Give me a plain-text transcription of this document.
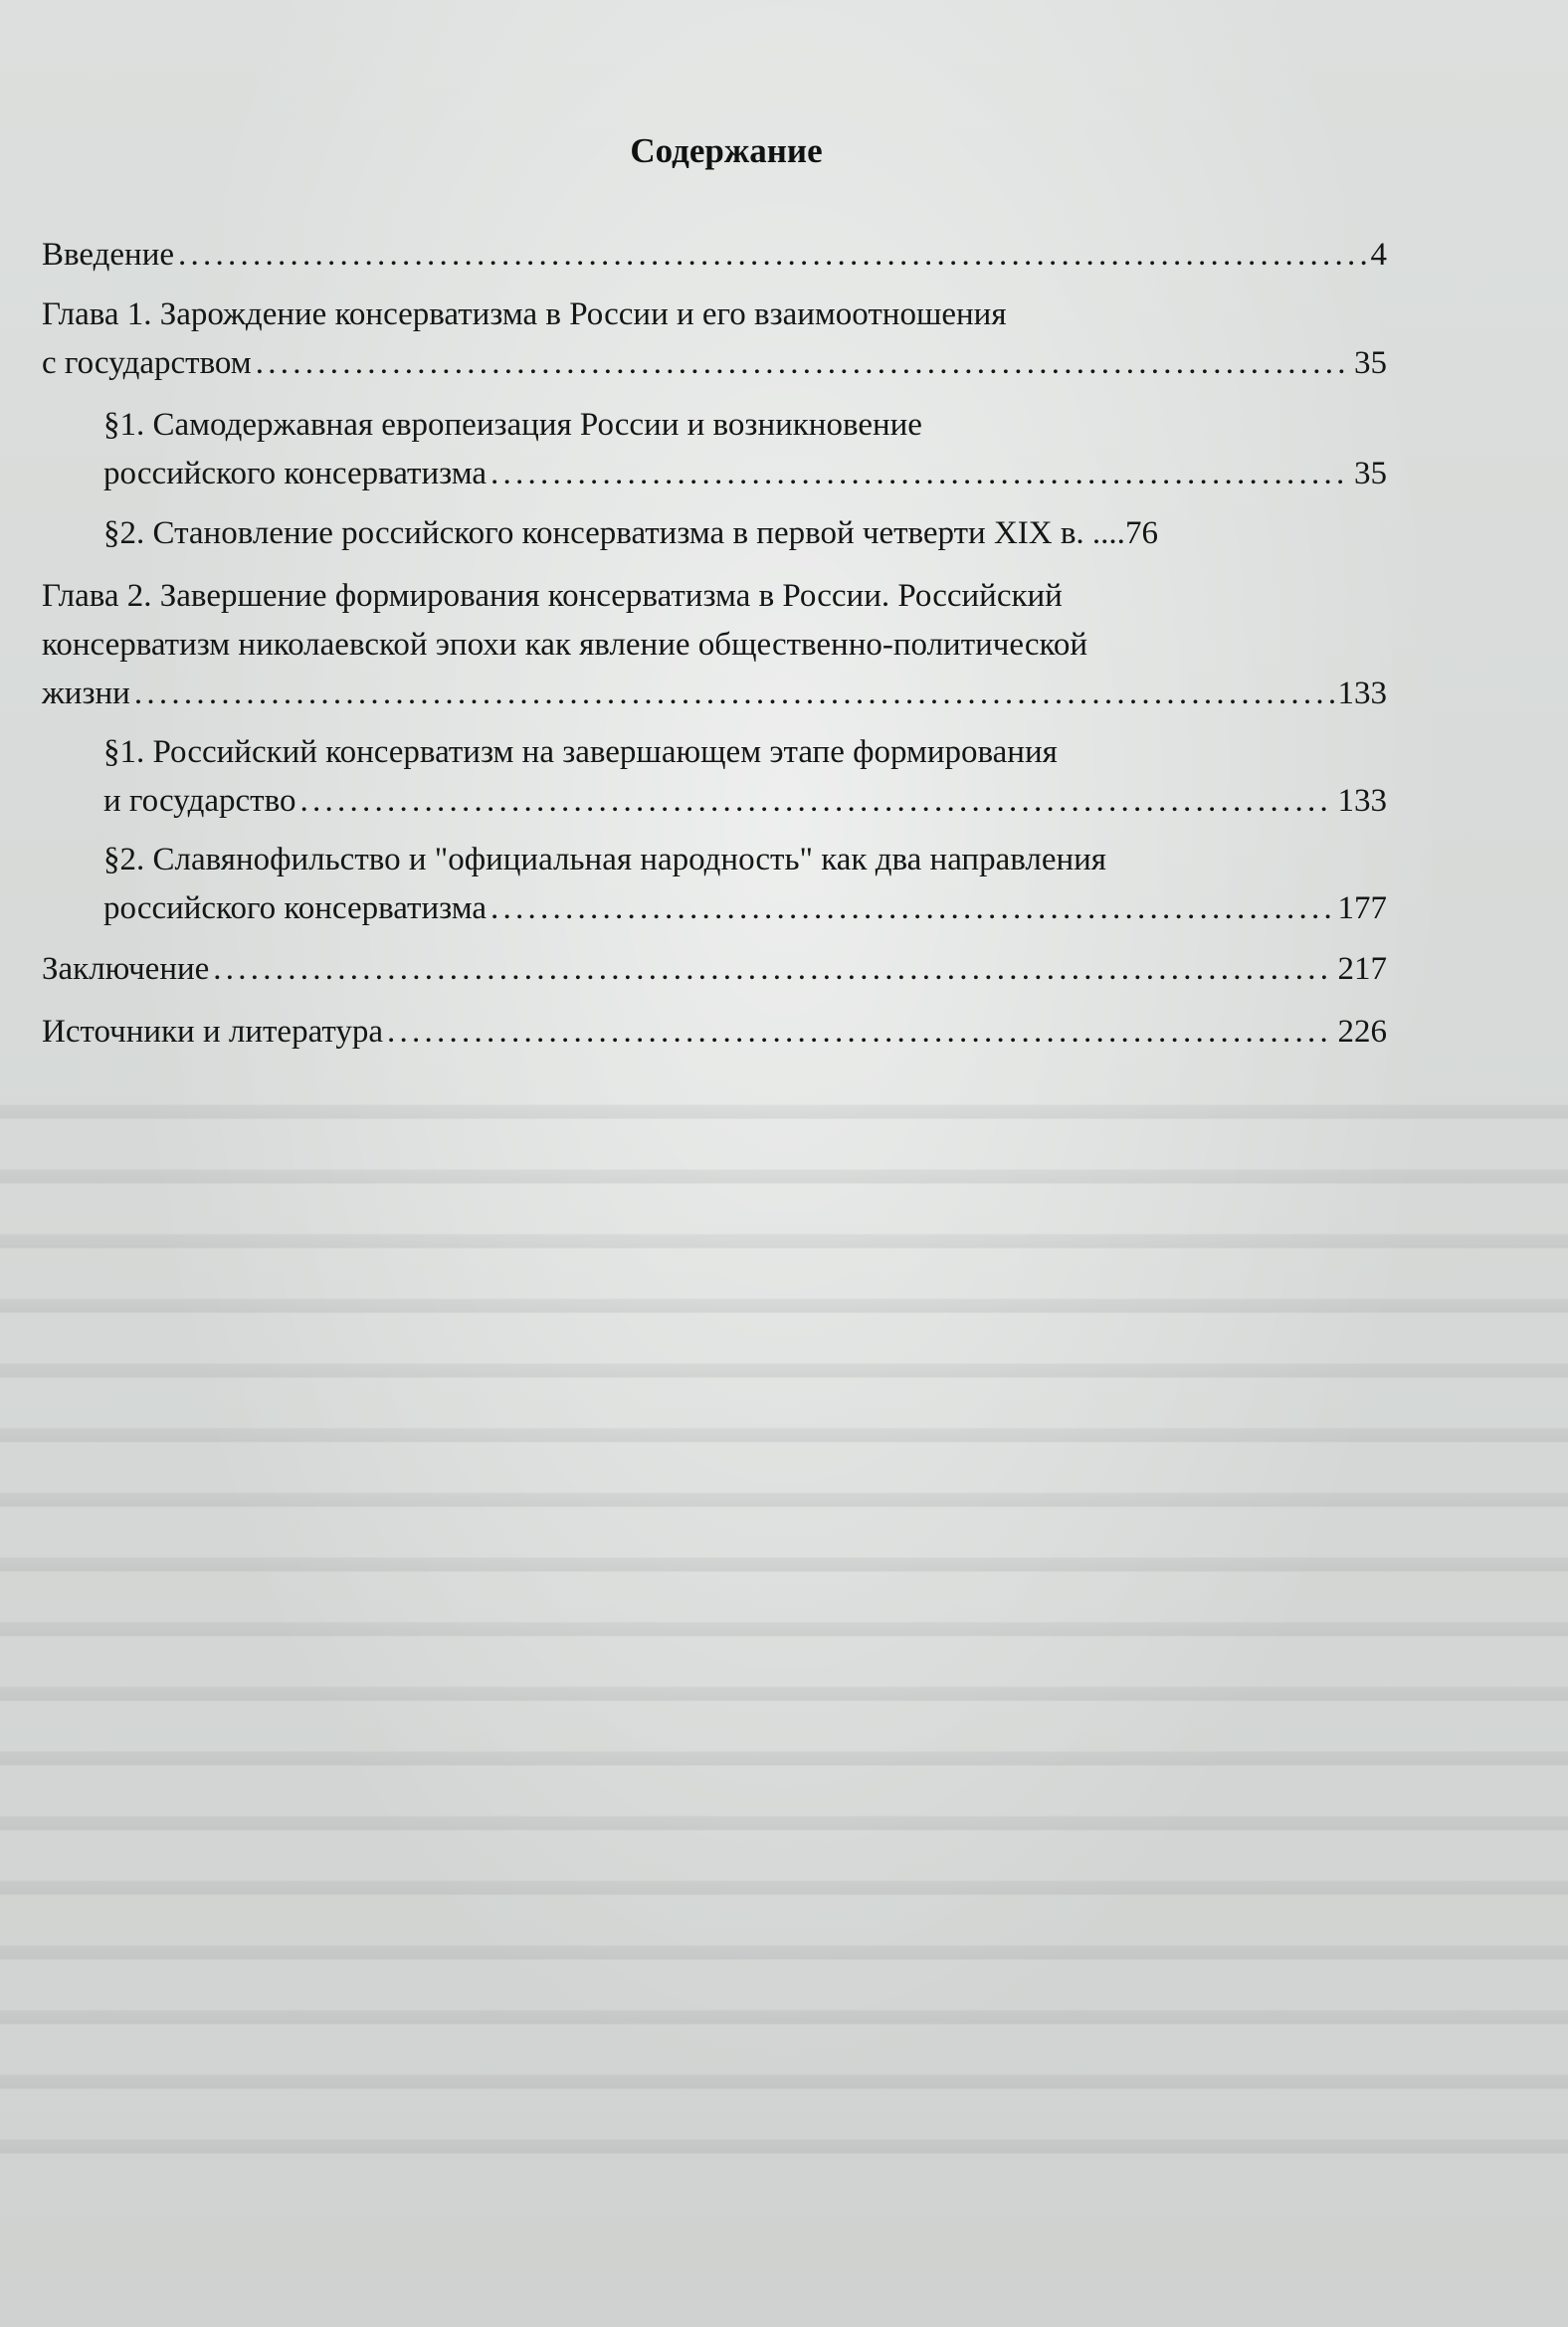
Содержание
Введение . . .	4
Глава 1. Зарождение консерватизма в России и его взаимоотношения
с государством . . .	35
§1. Самодержавная европеизация России и возникновение
российского консерватизма . . .	35
§2. Становление российского консерватизма в первой четверти XIX в. .... 76
Глава 2. Завершение формирования консерватизма в России. Российский
консерватизм николаевской эпохи как явление общественно-политической
жизни . . .	133
§1. Российский консерватизм на завершающем этапе формирования
и государство . . .	133
§2. Славянофильство и "официальная народность" как два направления
российского консерватизма . . .	177
Заключение . . .	217
Источники и литература . . .	226
